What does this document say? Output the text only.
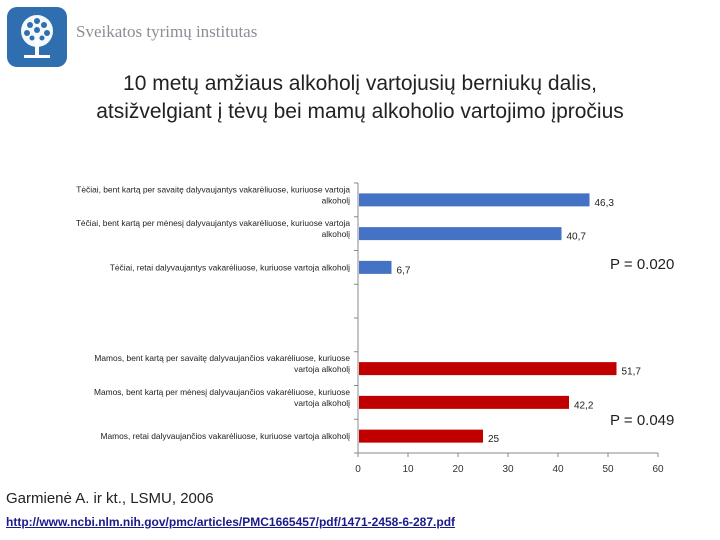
Sveikatos tyrimų institutas
10 metų amžiaus alkoholį vartojusių berniukų dalis,
atsižvelgiant į tėvų bei mamų alkoholio vartojimo įpročius
0	10	20	30	40	50	60
46,3
Tėčiai, bent kartą per savaitę dalyvaujantys vakarėliuose, kuriuose vartoja
alkoholį
40,7
Tėčiai, bent kartą per mėnesį dalyvaujantys vakarėliuose, kuriuose vartoja
alkoholį
6,7
Tėčiai, retai dalyvaujantys vakarėliuose, kuriuose vartoja alkoholį
51,7
Mamos, bent kartą per savaitę dalyvaujančios vakarėliuose, kuriuose
vartoja alkoholį
42,2
Mamos, bent kartą per mėnesį dalyvaujančios vakarėliuose, kuriuose
vartoja alkoholį
25
Mamos, retai dalyvaujančios vakarėliuose, kuriuose vartoja alkoholį
P = 0.020
P = 0.049
Garmienė A. ir kt., LSMU, 2006
http://www.ncbi.nlm.nih.gov/pmc/articles/PMC1665457/pdf/1471-2458-6-287.pdf
